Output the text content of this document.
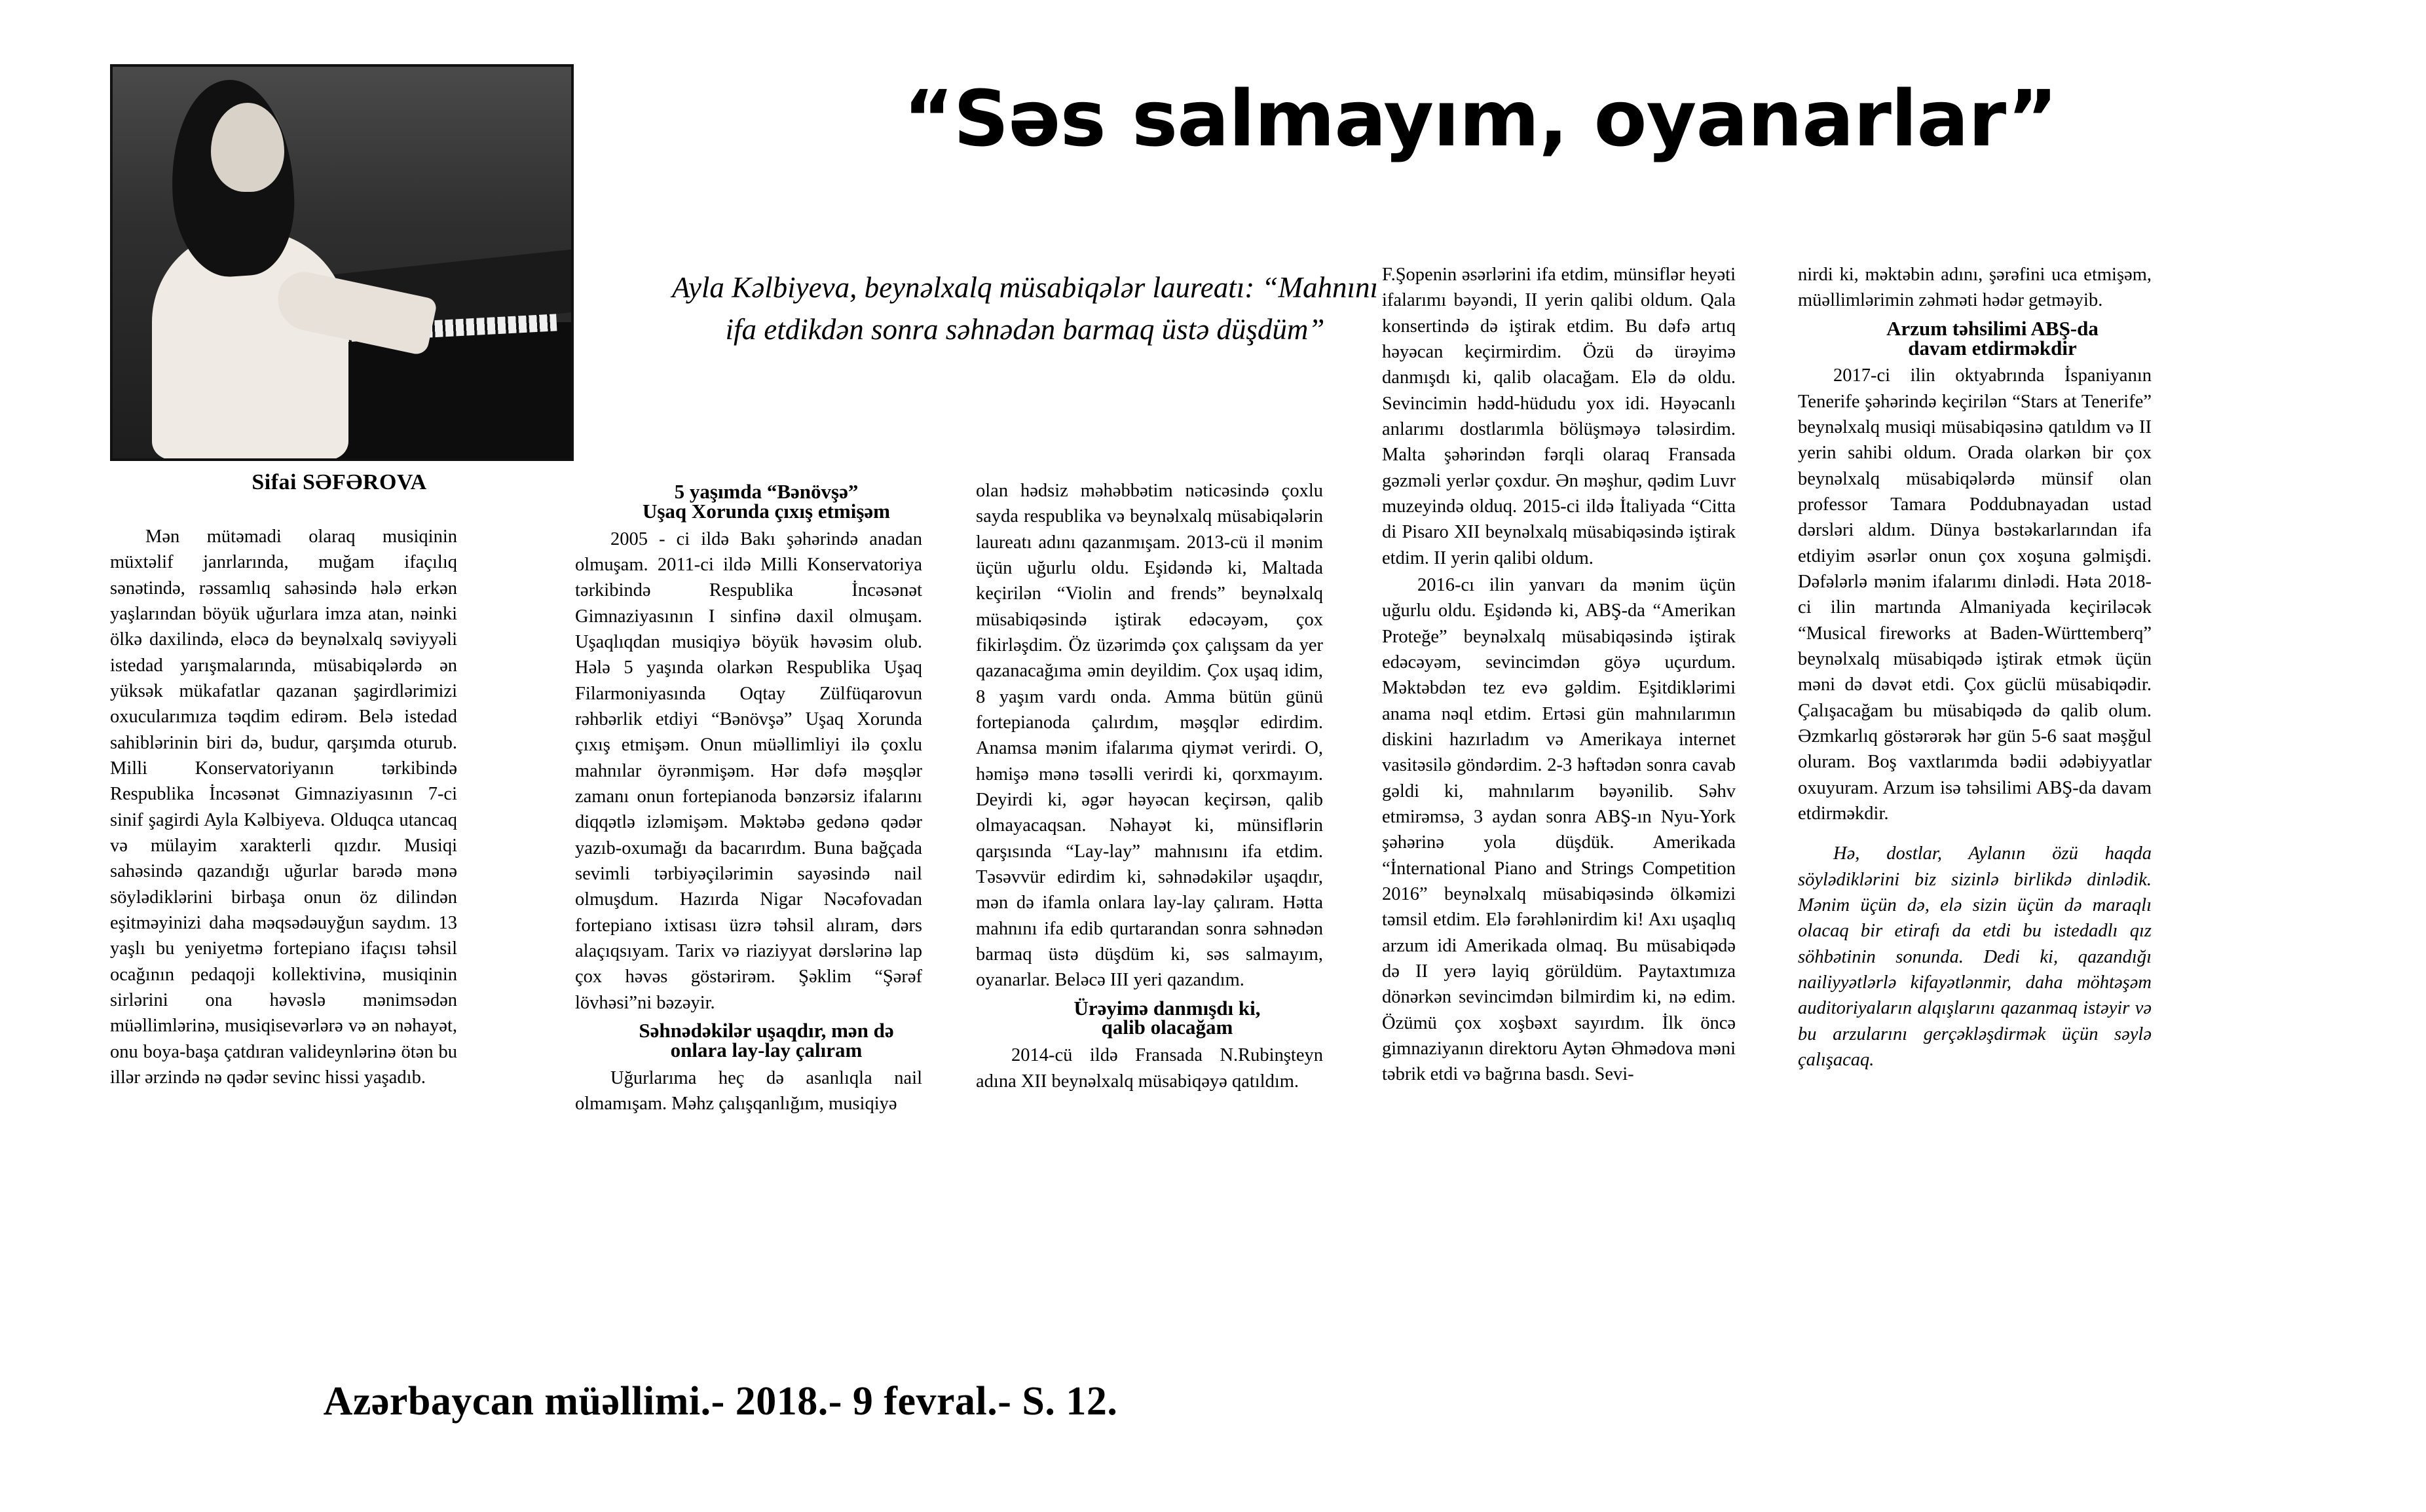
Sifai SƏFƏROVA
“Səs salmayım, oyanarlar”
Ayla Kəlbiyeva, beynəlxalq müsabiqələr laureatı: “Mahnını ifa etdikdən sonra səhnədən barmaq üstə düşdüm”

Mən mütəmadi olaraq musiqinin müxtəlif janrlarında, muğam ifaçılıq sənətində, rəssamlıq sahəsində hələ erkən yaşlarından böyük uğurlara imza atan, nəinki ölkə daxilində, eləcə də beynəlxalq səviyyəli istedad yarışmalarında, müsabiqələrdə ən yüksək mükafatlar qazanan şagirdlərimizi oxucularımıza təqdim edirəm. Belə istedad sahiblərinin biri də, budur, qarşımda oturub. Milli Konservatoriyanın tərkibində Respublika İncəsənət Gimnaziyasının 7-ci sinif şagirdi Ayla Kəlbiyeva. Olduqca utancaq və mülayim xarakterli qızdır. Musiqi sahəsində qazandığı uğurlar barədə mənə söylədiklərini birbaşa onun öz dilindən eşitməyinizi daha məqsədəuyğun saydım. 13 yaşlı bu yeniyetmə fortepiano ifaçısı təhsil ocağının pedaqoji kollektivinə, musiqinin sirlərini ona həvəslə mənimsədən müəllimlərinə, musiqisevərlərə və ən nəhayət, onu boya-başa çatdıran valideynlərinə ötən bu illər ərzində nə qədər sevinc hissi yaşadıb.

5 yaşımda “Bənövşə”

Uşaq Xorunda çıxış etmişəm

2005 - ci ildə Bakı şəhərində anadan olmuşam. 2011-ci ildə Milli Konservatoriya tərkibində Respublika İncəsənət Gimnaziyasının I sinfinə daxil olmuşam. Uşaqlıqdan musiqiyə böyük həvəsim olub. Hələ 5 yaşında olarkən Respublika Uşaq Filarmoniyasında Oqtay Zülfüqarovun rəhbərlik etdiyi “Bənövşə” Uşaq Xorunda çıxış etmişəm. Onun müəllimliyi ilə çoxlu mahnılar öyrənmişəm. Hər dəfə məşqlər zamanı onun fortepianoda bənzərsiz ifalarını diqqətlə izləmişəm. Məktəbə gedənə qədər yazıb-oxumağı da bacarırdım. Buna bağçada sevimli tərbiyəçilərimin sayəsində nail olmuşdum. Hazırda Nigar Nəcəfovadan fortepiano ixtisası üzrə təhsil alıram, dərs alaçıqsıyam. Tarix və riaziyyat dərslərinə lap çox həvəs göstərirəm. Şəklim “Şərəf lövhəsi”ni bəzəyir.

Səhnədəkilər uşaqdır, mən də

onlara lay-lay çalıram

Uğurlarıma heç də asanlıqla nail olmamışam. Məhz çalışqanlığım, musiqiyə

olan hədsiz məhəbbətim nəticəsində çoxlu sayda respublika və beynəlxalq müsabiqələrin laureatı adını qazanmışam. 2013-cü il mənim üçün uğurlu oldu. Eşidəndə ki, Maltada keçirilən “Violin and frends” beynəlxalq müsabiqəsində iştirak edəcəyəm, çox fikirləşdim. Öz üzərimdə çox çalışsam da yer qazanacağıma əmin deyildim. Çox uşaq idim, 8 yaşım vardı onda. Amma bütün günü fortepianoda çalırdım, məşqlər edirdim. Anamsa mənim ifalarıma qiymət verirdi. O, həmişə mənə təsəlli verirdi ki, qorxmayım. Deyirdi ki, əgər həyəcan keçirsən, qalib olmayacaqsan. Nəhayət ki, münsiflərin qarşısında “Lay-lay” mahnısını ifa etdim. Təsəvvür edirdim ki, səhnədəkilər uşaqdır, mən də ifamla onlara lay-lay çalıram. Hətta mahnını ifa edib qurtarandan sonra səhnədən barmaq üstə düşdüm ki, səs salmayım, oyanarlar. Beləcə III yeri qazandım.

Ürəyimə danmışdı ki,

qalib olacağam

2014-cü ildə Fransada N.Rubinşteyn adına XII beynəlxalq müsabiqəyə qatıldım.

F.Şopenin əsərlərini ifa etdim, münsiflər heyəti ifalarımı bəyəndi, II yerin qalibi oldum. Qala konsertində də iştirak etdim. Bu dəfə artıq həyəcan keçirmirdim. Özü də ürəyimə danmışdı ki, qalib olacağam. Elə də oldu. Sevincimin hədd-hüdudu yox idi. Həyəcanlı anlarımı dostlarımla bölüşməyə tələsirdim. Malta şəhərindən fərqli olaraq Fransada gəzməli yerlər çoxdur. Ən məşhur, qədim Luvr muzeyində olduq. 2015-ci ildə İtaliyada “Citta di Pisaro XII beynəlxalq müsabiqəsində iştirak etdim. II yerin qalibi oldum.

2016-cı ilin yanvarı da mənim üçün uğurlu oldu. Eşidəndə ki, ABŞ-da “Amerikan Proteğe” beynəlxalq müsabiqəsində iştirak edəcəyəm, sevincimdən göyə uçurdum. Məktəbdən tez evə gəldim. Eşitdiklərimi anama nəql etdim. Ertəsi gün mahnılarımın diskini hazırladım və Amerikaya internet vasitəsilə göndərdim. 2-3 həftədən sonra cavab gəldi ki, mahnılarım bəyənilib. Səhv etmirəmsə, 3 aydan sonra ABŞ-ın Nyu-York şəhərinə yola düşdük. Amerikada “İnternational Piano and Strings Competition 2016” beynəlxalq müsabiqəsində ölkəmizi təmsil etdim. Elə fərəhlənirdim ki! Axı uşaqlıq arzum idi Amerikada olmaq. Bu müsabiqədə də II yerə layiq görüldüm. Paytaxtımıza dönərkən sevincimdən bilmirdim ki, nə edim. Özümü çox xoşbəxt sayırdım. İlk öncə gimnaziyanın direktoru Aytən Əhmədova məni təbrik etdi və bağrına basdı. Sevi-

nirdi ki, məktəbin adını, şərəfini uca etmişəm, müəllimlərimin zəhməti hədər getməyib.

Arzum təhsilimi ABŞ-da

davam etdirməkdir

2017-ci ilin oktyabrında İspaniyanın Tenerife şəhərində keçirilən “Stars at Tenerife” beynəlxalq musiqi müsabiqəsinə qatıldım və II yerin sahibi oldum. Orada olarkən bir çox beynəlxalq müsabiqələrdə münsif olan professor Tamara Poddubnayadan ustad dərsləri aldım. Dünya bəstəkarlarından ifa etdiyim əsərlər onun çox xoşuna gəlmişdi. Dəfələrlə mənim ifalarımı dinlədi. Həta 2018-ci ilin martında Almaniyada keçiriləcək “Musical fireworks at Baden-Württemberq” beynəlxalq müsabiqədə iştirak etmək üçün məni də dəvət etdi. Çox güclü müsabiqədir. Çalışacağam bu müsabiqədə də qalib olum. Əzmkarlıq göstərərək hər gün 5-6 saat məşğul oluram. Boş vaxtlarımda bədii ədəbiyyatlar oxuyuram. Arzum isə təhsilimi ABŞ-da davam etdirməkdir.

Hə, dostlar, Aylanın özü haqda söylədiklərini biz sizinlə birlikdə dinlədik. Mənim üçün də, elə sizin üçün də maraqlı olacaq bir etirafı da etdi bu istedadlı qız söhbətinin sonunda. Dedi ki, qazandığı nailiyyətlərlə kifayətlənmir, daha möhtəşəm auditoriyaların alqışlarını qazanmaq istəyir və bu arzularını gerçəkləşdirmək üçün səylə çalışacaq.

Azərbaycan müəllimi.- 2018.- 9 fevral.- S. 12.
